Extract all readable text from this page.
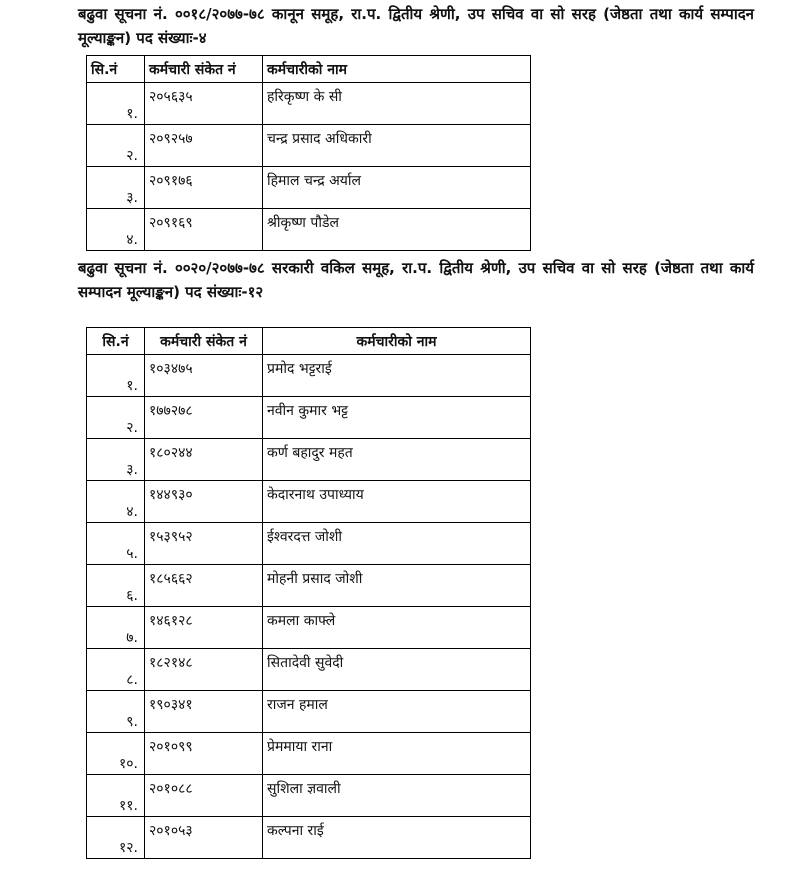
बढुवा सूचना नं. ००१८/२०७७-७८ कानून समूह, रा.प. द्वितीय श्रेणी, उप सचिव वा सो सरह (जेष्ठता तथा कार्य सम्पादन मूल्याङ्कन) पद संख्याः-४

सि.नं	कर्मचारी संकेत नं	कर्मचारीको नाम
१.	२०५६३५	हरिकृष्ण के सी
२.	२०९२५७	चन्द्र प्रसाद अधिकारी
३.	२०९१७६	हिमाल चन्द्र अर्याल
४.	२०९१६९	श्रीकृष्ण पौडेल

बढुवा सूचना नं. ००२०/२०७७-७८ सरकारी वकिल समूह, रा.प. द्वितीय श्रेणी, उप सचिव वा सो सरह (जेष्ठता तथा कार्य सम्पादन मूल्याङ्कन) पद संख्याः-१२

सि.नं	कर्मचारी संकेत नं	कर्मचारीको नाम
१.	१०३४७५	प्रमोद भट्टराई
२.	१७७२७८	नवीन कुमार भट्ट
३.	१८०२४४	कर्ण बहादुर महत
४.	१४४९३०	केदारनाथ उपाध्याय
५.	१५३९५२	ईश्वरदत्त जोशी
६.	१८५६६२	मोहनी प्रसाद जोशी
७.	१४६१२८	कमला काफ्ले
८.	१८२१४८	सितादेवी सुवेदी
९.	१९०३४१	राजन हमाल
१०.	२०१०९९	प्रेममाया राना
११.	२०१०८८	सुशिला ज्ञवाली
१२.	२०१०५३	कल्पना राई
